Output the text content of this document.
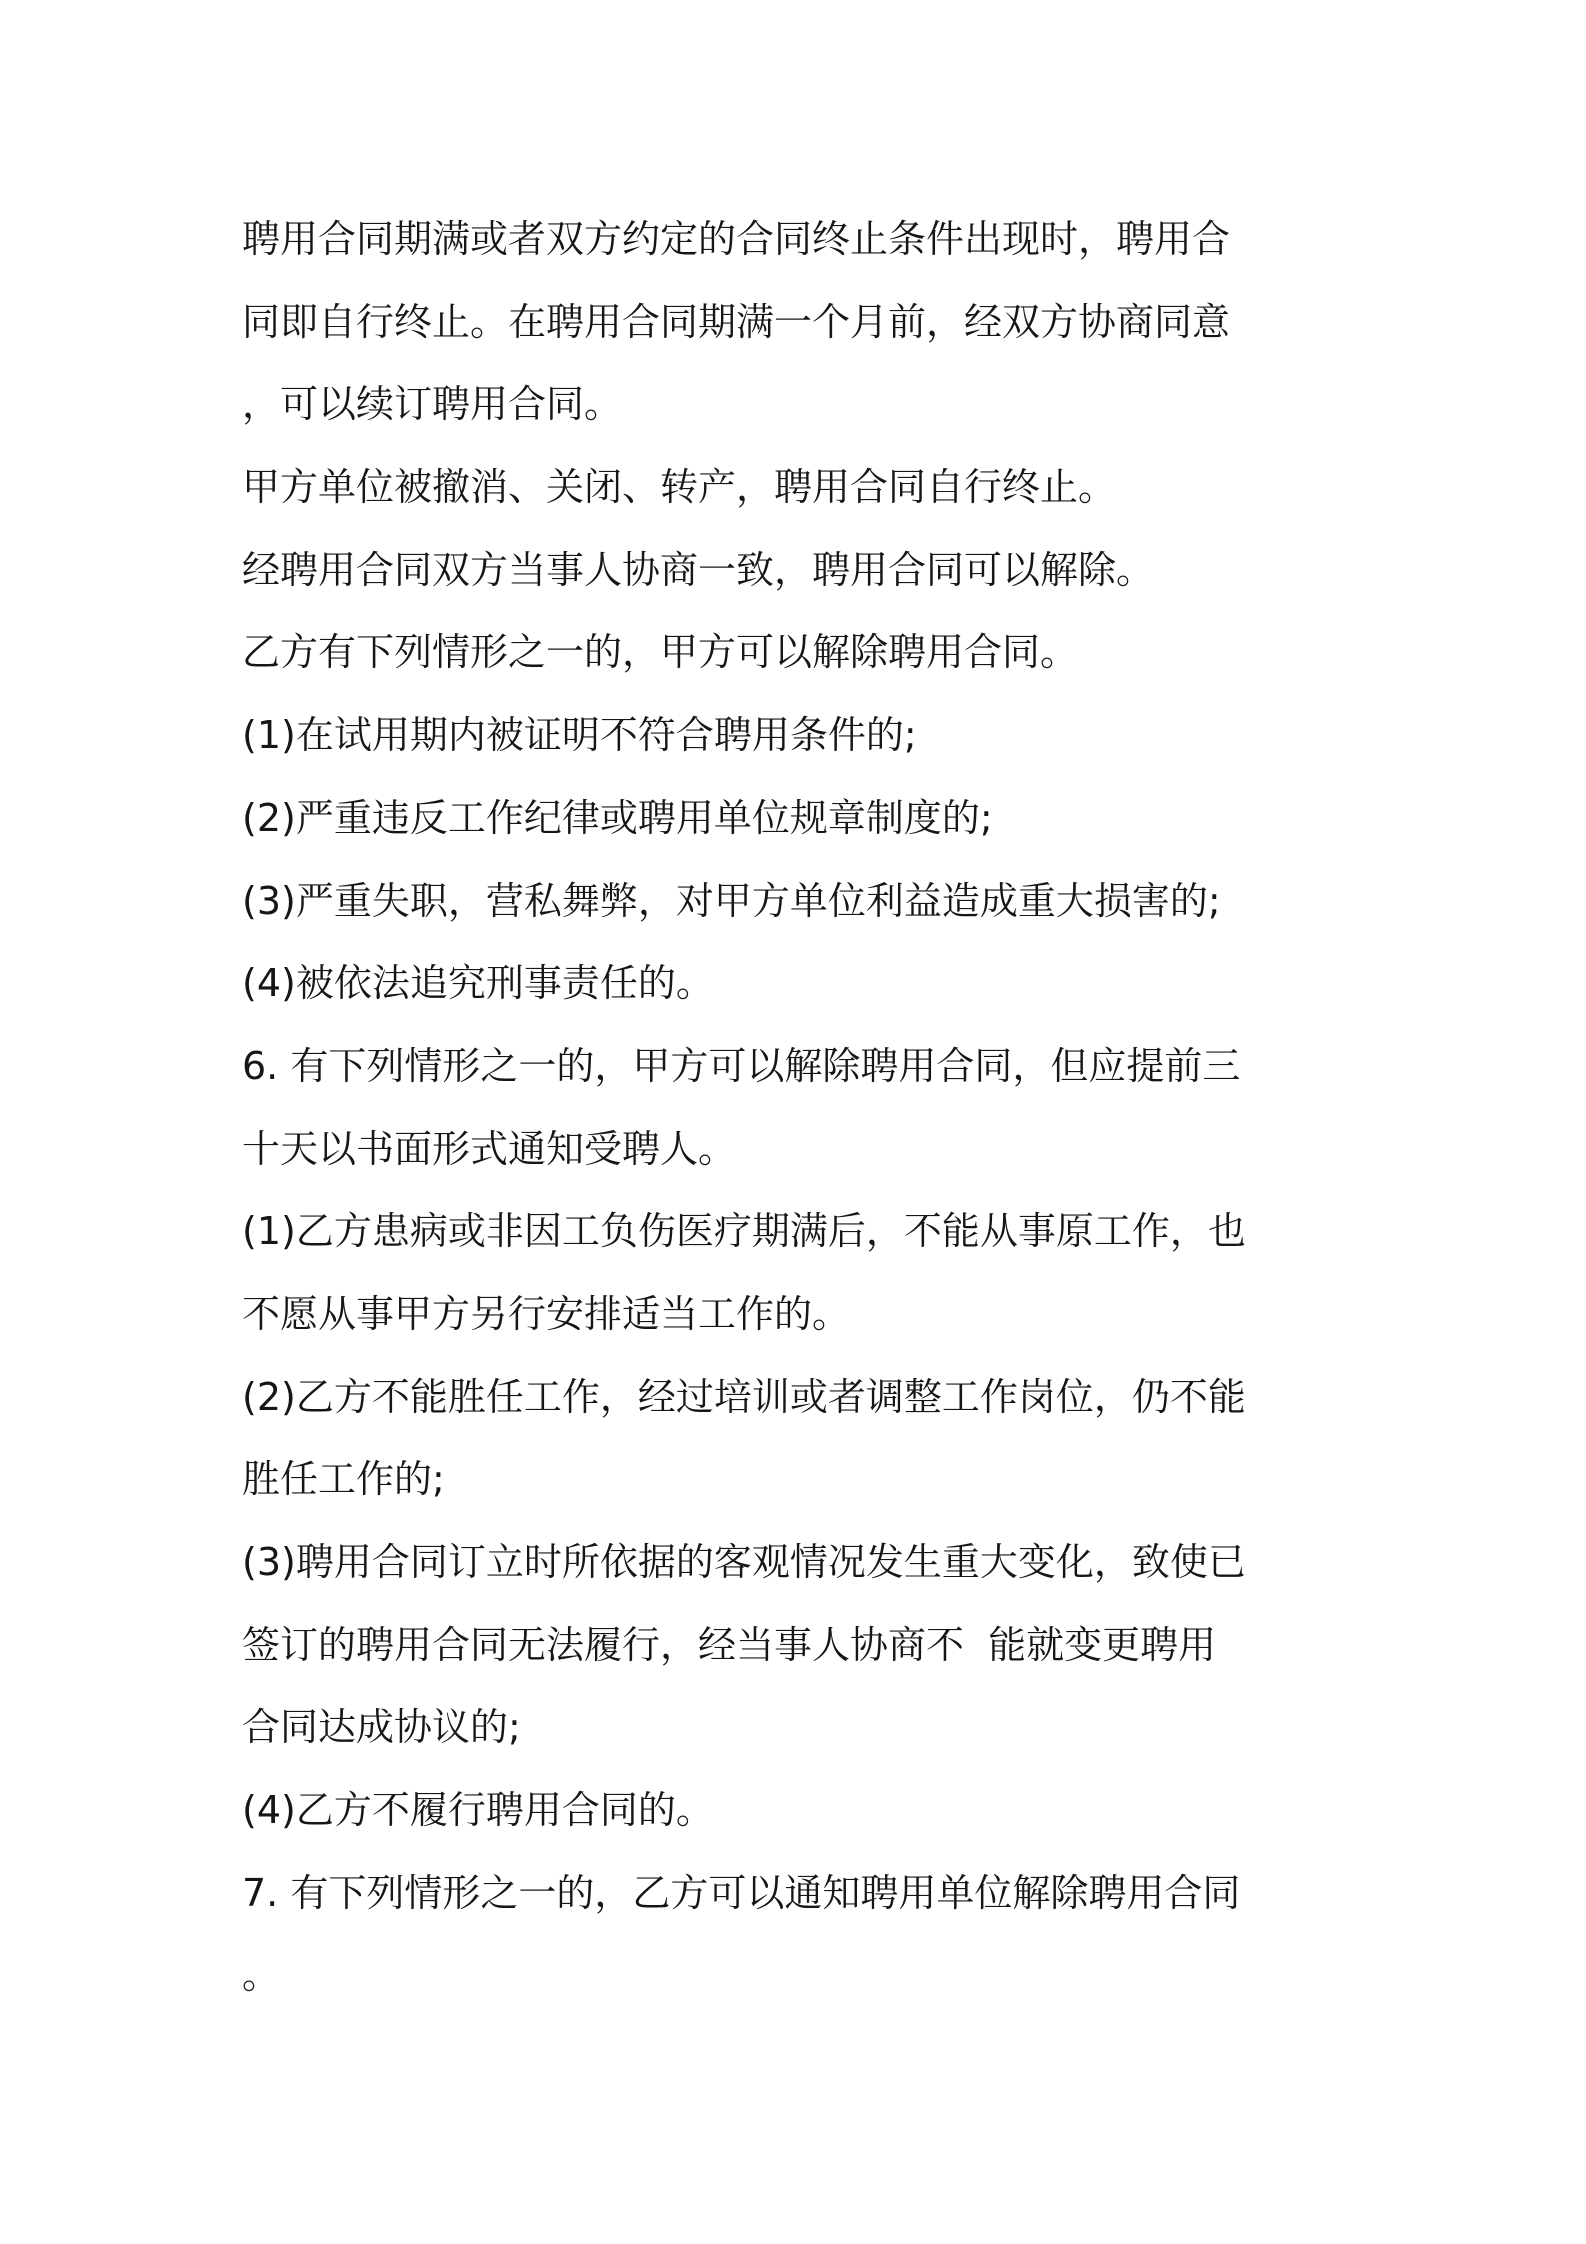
聘用合同期满或者双方约定的合同终止条件出现时，聘用合
同即自行终止。在聘用合同期满一个月前，经双方协商同意
，可以续订聘用合同。
甲方单位被撤消、关闭、转产，聘用合同自行终止。
经聘用合同双方当事人协商一致，聘用合同可以解除。
乙方有下列情形之一的，甲方可以解除聘用合同。
(1)在试用期内被证明不符合聘用条件的;
(2)严重违反工作纪律或聘用单位规章制度的;
(3)严重失职，营私舞弊，对甲方单位利益造成重大损害的;
(4)被依法追究刑事责任的。
6. 有下列情形之一的，甲方可以解除聘用合同，但应提前三
十天以书面形式通知受聘人。
(1)乙方患病或非因工负伤医疗期满后，不能从事原工作，也
不愿从事甲方另行安排适当工作的。
(2)乙方不能胜任工作，经过培训或者调整工作岗位，仍不能
胜任工作的;
(3)聘用合同订立时所依据的客观情况发生重大变化，致使已
签订的聘用合同无法履行，经当事人协商不  能就变更聘用
合同达成协议的;
(4)乙方不履行聘用合同的。
7. 有下列情形之一的，乙方可以通知聘用单位解除聘用合同
。
